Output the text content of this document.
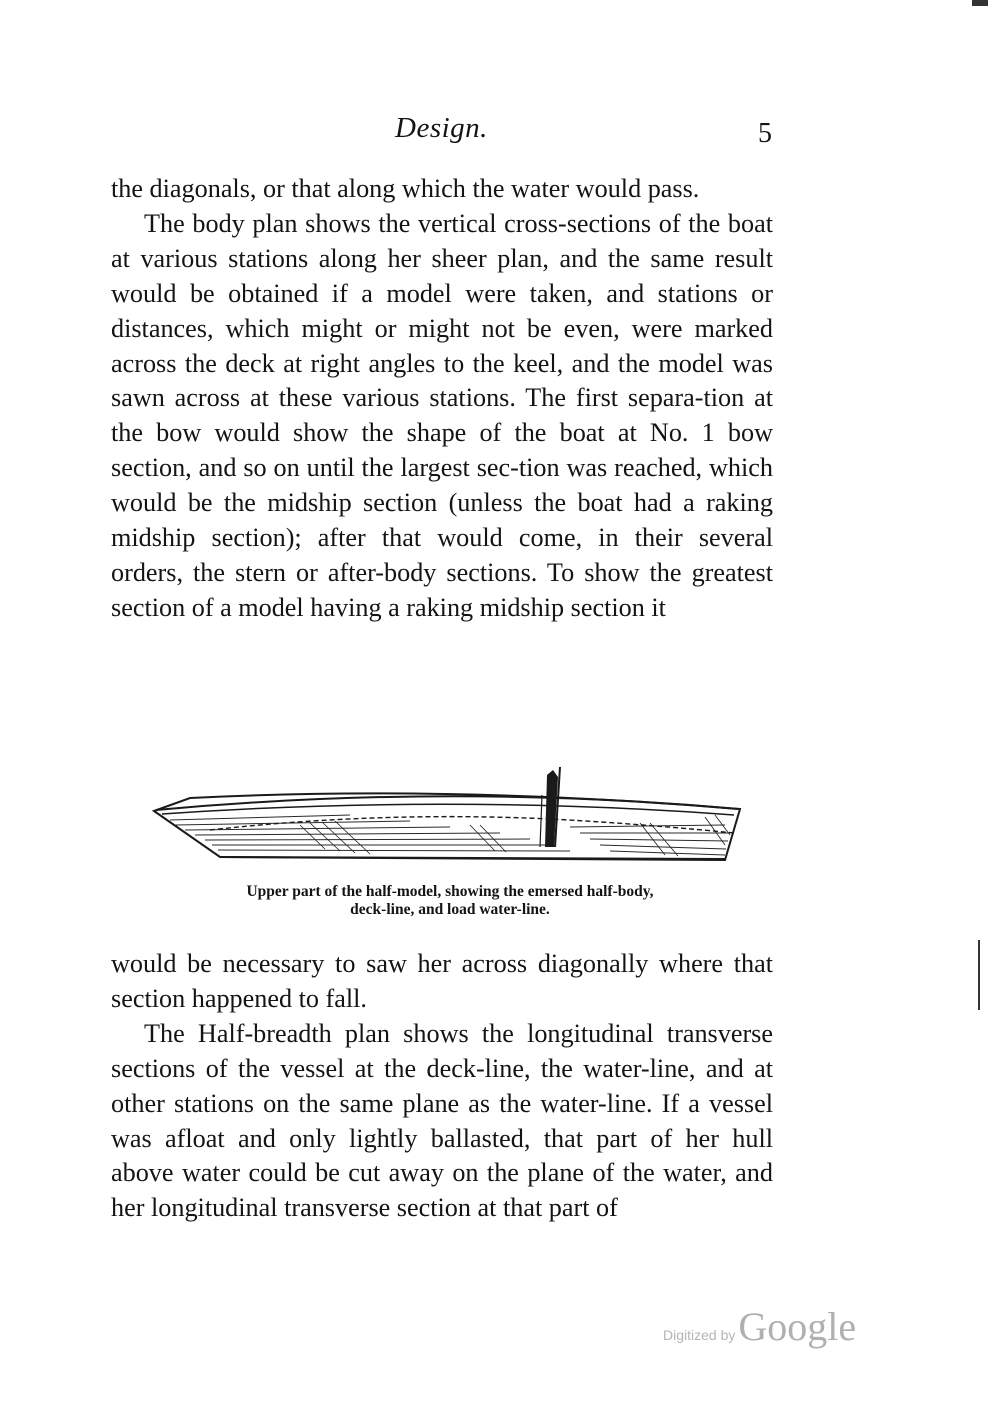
Design.	5

the diagonals, or that along which the water would pass.

The body plan shows the vertical cross-sections of the boat at various stations along her sheer plan, and the same result would be obtained if a model were taken, and stations or distances, which might or might not be even, were marked across the deck at right angles to the keel, and the model was sawn across at these various stations. The first separa-tion at the bow would show the shape of the boat at No. 1 bow section, and so on until the largest sec-tion was reached, which would be the midship section (unless the boat had a raking midship section); after that would come, in their several orders, the stern or after-body sections. To show the greatest section of a model having a raking midship section it

Upper part of the half-model, showing the emersed half-body,
deck-line, and load water-line.

would be necessary to saw her across diagonally where that section happened to fall.

The Half-breadth plan shows the longitudinal transverse sections of the vessel at the deck-line, the water-line, and at other stations on the same plane as the water-line. If a vessel was afloat and only lightly ballasted, that part of her hull above water could be cut away on the plane of the water, and her longitudinal transverse section at that part of

Digitized byGoogle
